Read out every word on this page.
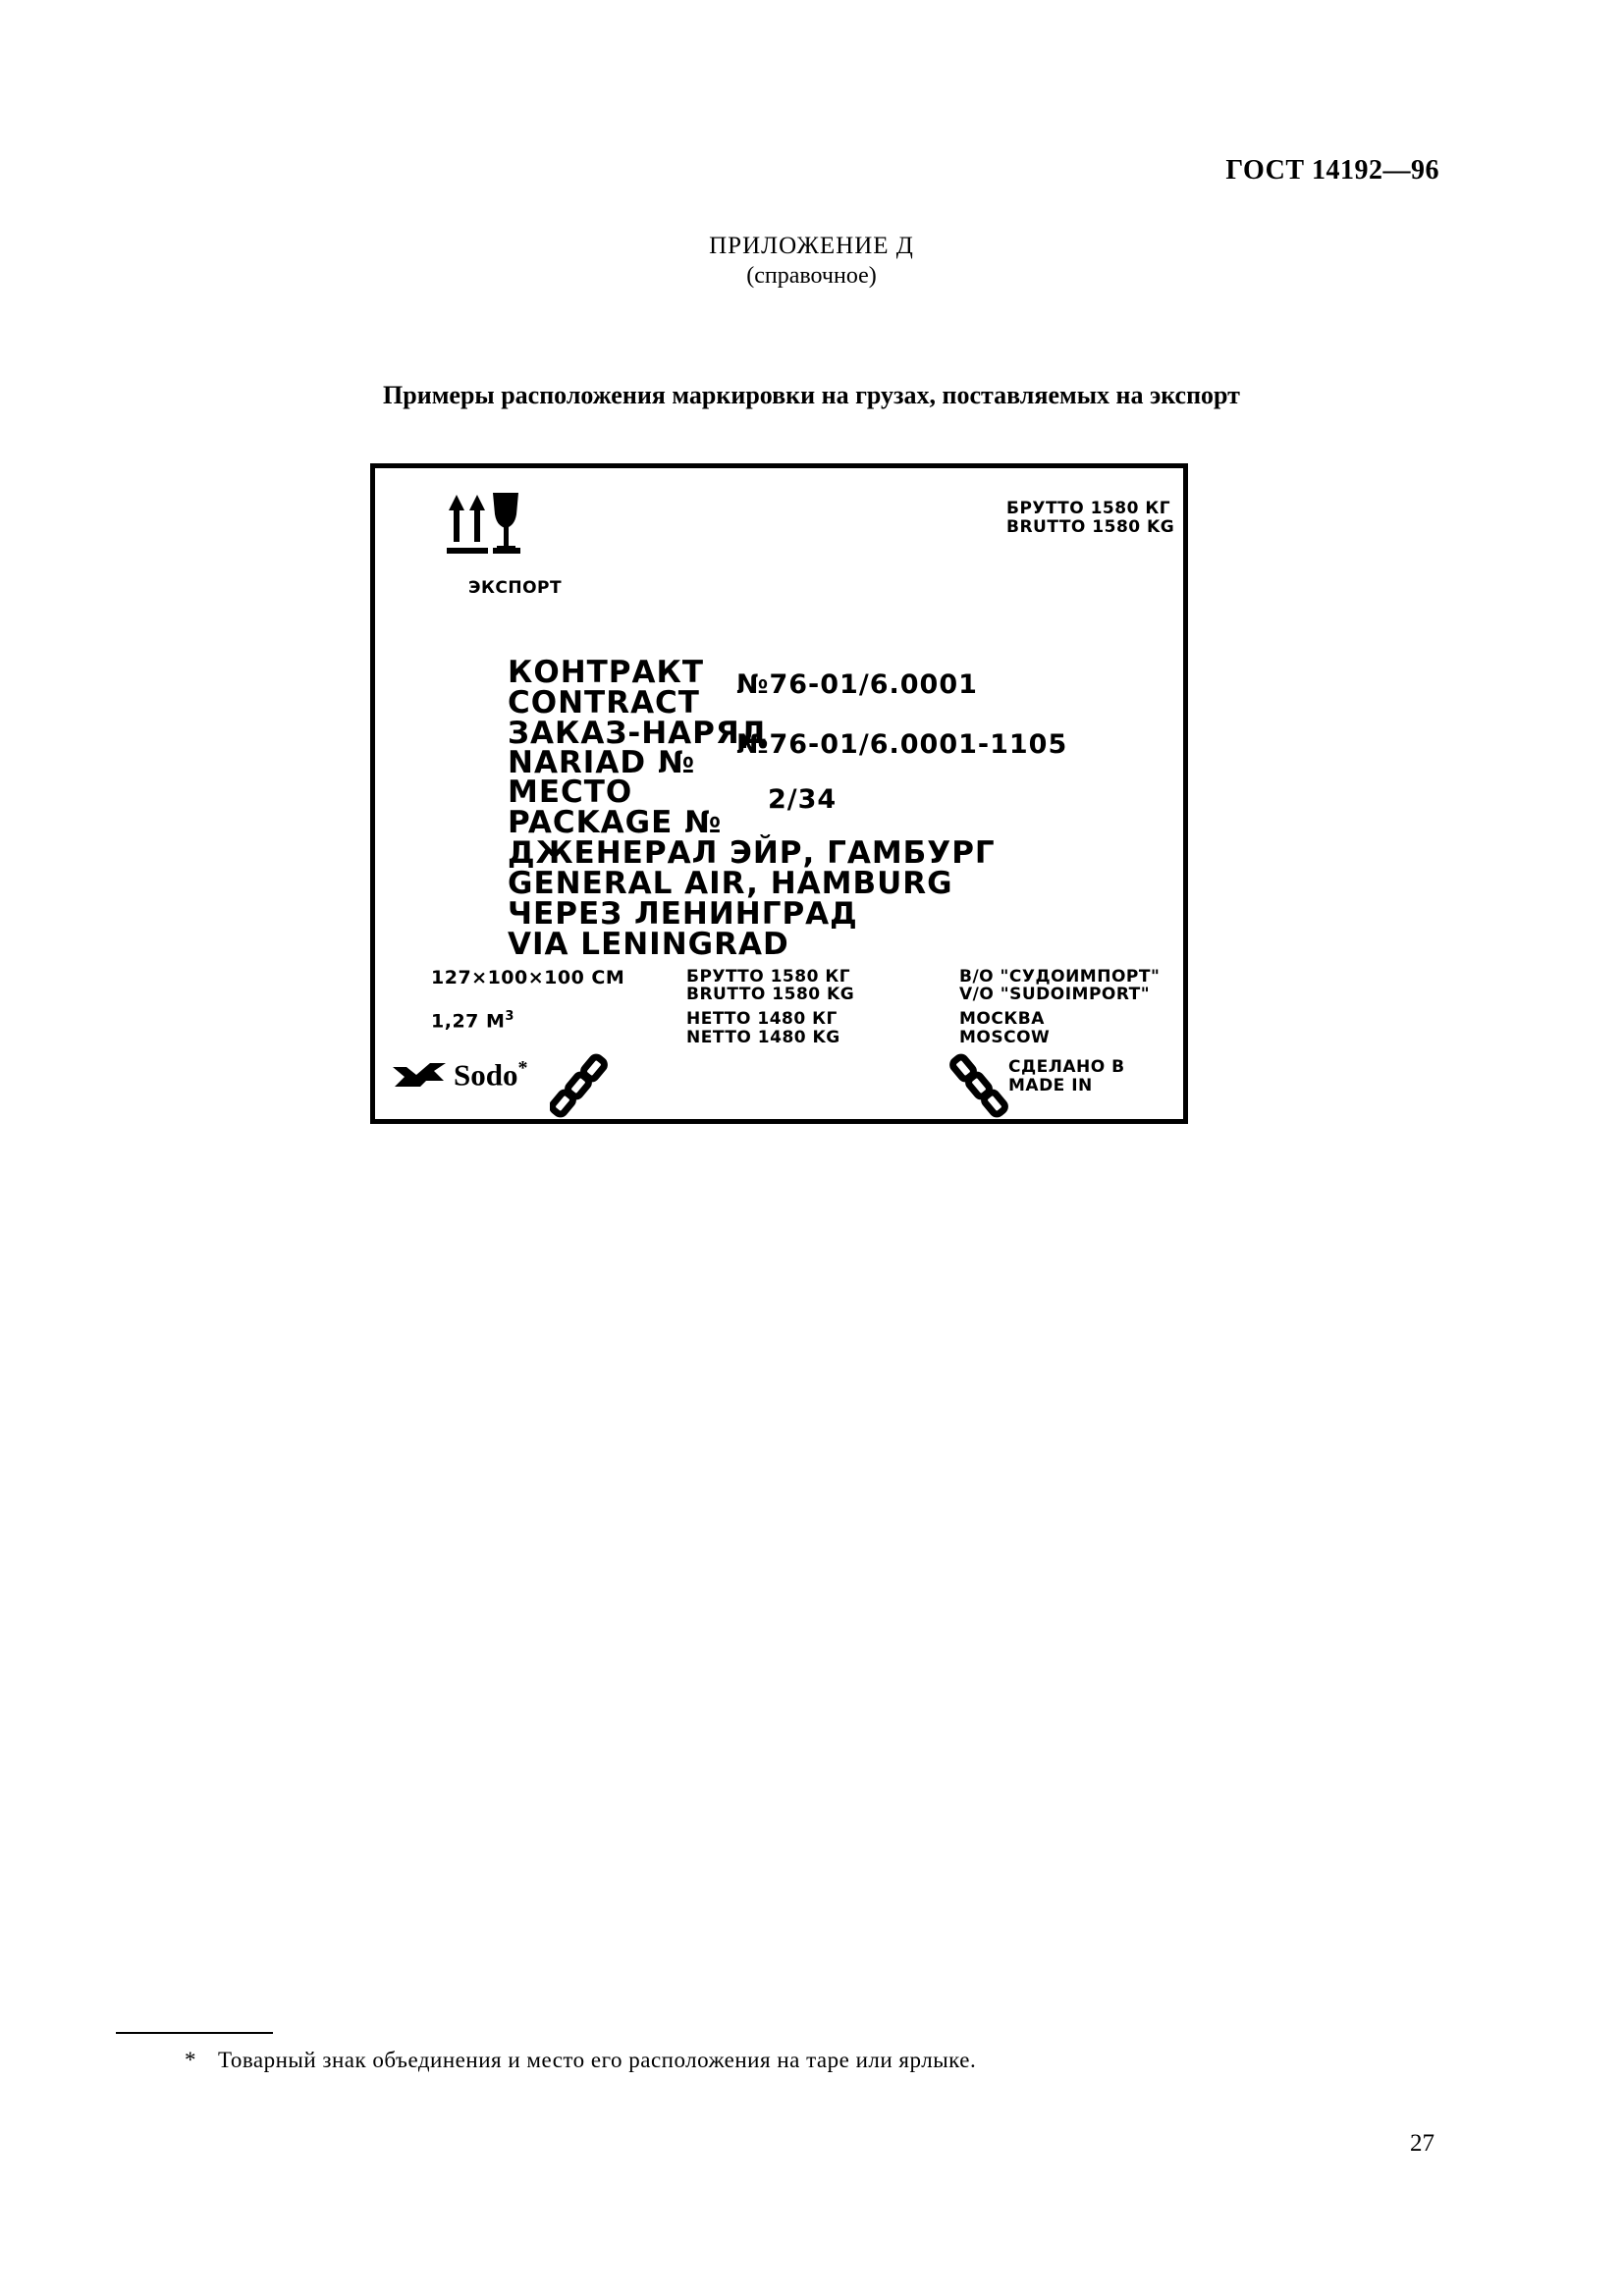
ГОСТ 14192—96
ПРИЛОЖЕНИЕ Д
(справочное)
Примеры расположения маркировки на грузах, поставляемых на экспорт
ЭКСПОРТ
БРУТТО 1580 КГ
BRUTTO 1580 KG
КОНТРАКТ
CONTRACT
№76-01/6.0001
ЗАКАЗ-НАРЯД
NARIAD №
№76-01/6.0001-1105
МЕСТО
PACKAGE №
2/34
ДЖЕНЕРАЛ ЭЙР, ГАМБУРГ
GENERAL AIR, HAMBURG
ЧЕРЕЗ ЛЕНИНГРАД
VIA LENINGRAD
127×100×100 СМ
1,27 $М^3$
БРУТТО 1580 КГ
BRUTTO 1580 KG
НЕТТО 1480 КГ
NETTO 1480 KG
В/О "СУДОИМПОРТ"
V/O "SUDOIMPORT"
МОСКВА
MOSCOW
Sodo*	СДЕЛАНО В
MADE IN
* Товарный знак объединения и место его расположения на таре или ярлыке.
27
